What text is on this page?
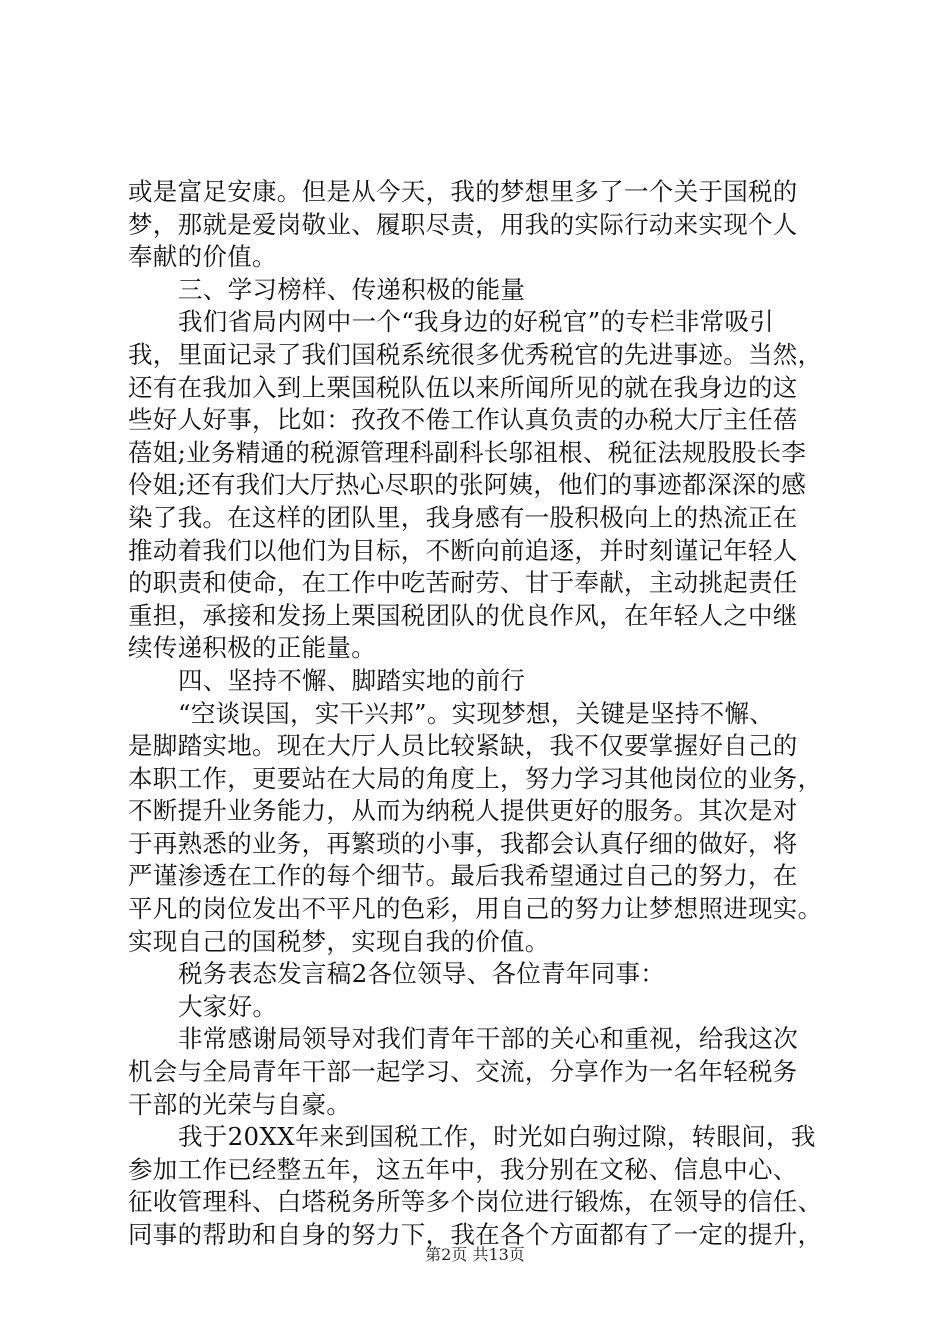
或是富足安康。但是从今天，我的梦想里多了一个关于国税的
梦，那就是爱岗敬业、履职尽责，用我的实际行动来实现个人
奉献的价值。
三、学习榜样、传递积极的能量
我们省局内网中一个“我身边的好税官”的专栏非常吸引
我，里面记录了我们国税系统很多优秀税官的先进事迹。当然，
还有在我加入到上栗国税队伍以来所闻所见的就在我身边的这
些好人好事，比如：孜孜不倦工作认真负责的办税大厅主任蓓
蓓姐;业务精通的税源管理科副科长邬祖根、税征法规股股长李
伶姐;还有我们大厅热心尽职的张阿姨，他们的事迹都深深的感
染了我。在这样的团队里，我身感有一股积极向上的热流正在
推动着我们以他们为目标，不断向前追逐，并时刻谨记年轻人
的职责和使命，在工作中吃苦耐劳、甘于奉献，主动挑起责任
重担，承接和发扬上栗国税团队的优良作风，在年轻人之中继
续传递积极的正能量。
四、坚持不懈、脚踏实地的前行
“空谈误国，实干兴邦”。实现梦想，关键是坚持不懈、
是脚踏实地。现在大厅人员比较紧缺，我不仅要掌握好自己的
本职工作，更要站在大局的角度上，努力学习其他岗位的业务，
不断提升业务能力，从而为纳税人提供更好的服务。其次是对
于再熟悉的业务，再繁琐的小事，我都会认真仔细的做好，将
严谨渗透在工作的每个细节。最后我希望通过自己的努力，在
平凡的岗位发出不平凡的色彩，用自己的努力让梦想照进现实。
实现自己的国税梦，实现自我的价值。
税务表态发言稿2各位领导、各位青年同事：
大家好。
非常感谢局领导对我们青年干部的关心和重视，给我这次
机会与全局青年干部一起学习、交流，分享作为一名年轻税务
干部的光荣与自豪。
我于20XX年来到国税工作，时光如白驹过隙，转眼间，我
参加工作已经整五年，这五年中，我分别在文秘、信息中心、
征收管理科、白塔税务所等多个岗位进行锻炼，在领导的信任、
同事的帮助和自身的努力下，我在各个方面都有了一定的提升，
第2页 共13页
